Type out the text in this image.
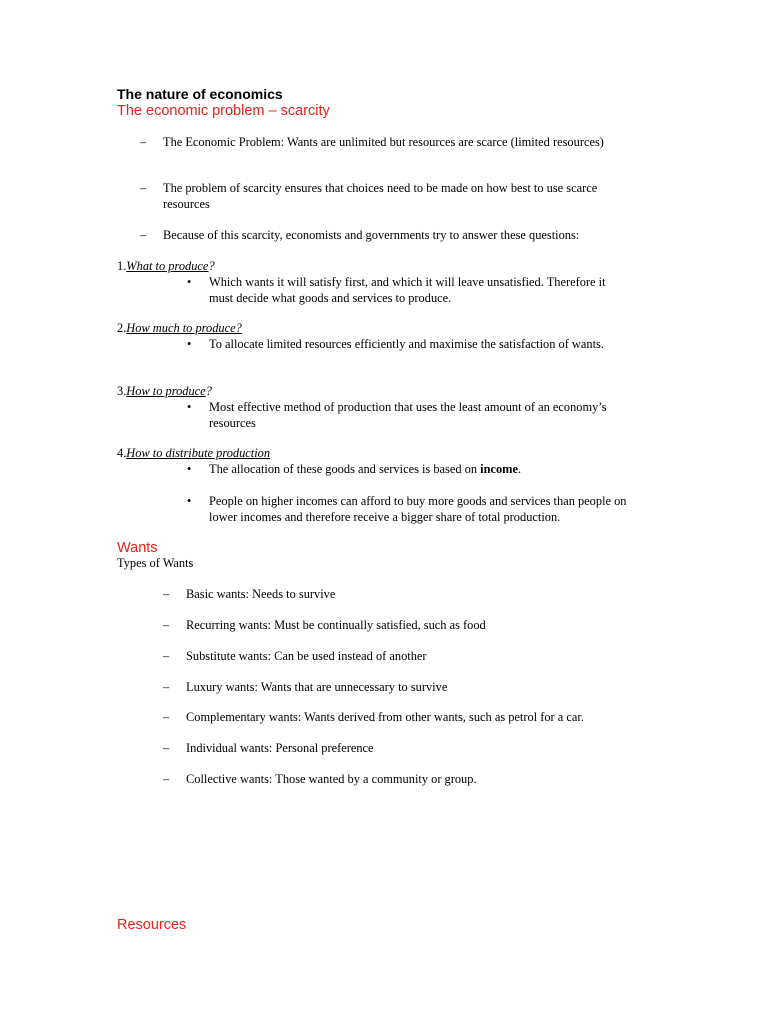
The nature of economics
The economic problem – scarcity
– The Economic Problem: Wants are unlimited but resources are scarce (limited resources)
– The problem of scarcity ensures that choices need to be made on how best to use scarce resources
– Because of this scarcity, economists and governments try to answer these questions:
1.What to produce?
• Which wants it will satisfy first, and which it will leave unsatisfied. Therefore it must decide what goods and services to produce.
2.How much to produce?
• To allocate limited resources efficiently and maximise the satisfaction of wants.
3.How to produce?
• Most effective method of production that uses the least amount of an economy’s resources
4.How to distribute production
• The allocation of these goods and services is based on income.
• People on higher incomes can afford to buy more goods and services than people on lower incomes and therefore receive a bigger share of total production.
Wants
Types of Wants
– Basic wants: Needs to survive
– Recurring wants: Must be continually satisfied, such as food
– Substitute wants: Can be used instead of another
– Luxury wants: Wants that are unnecessary to survive
– Complementary wants: Wants derived from other wants, such as petrol for a car.
– Individual wants: Personal preference
– Collective wants: Those wanted by a community or group.
Resources
